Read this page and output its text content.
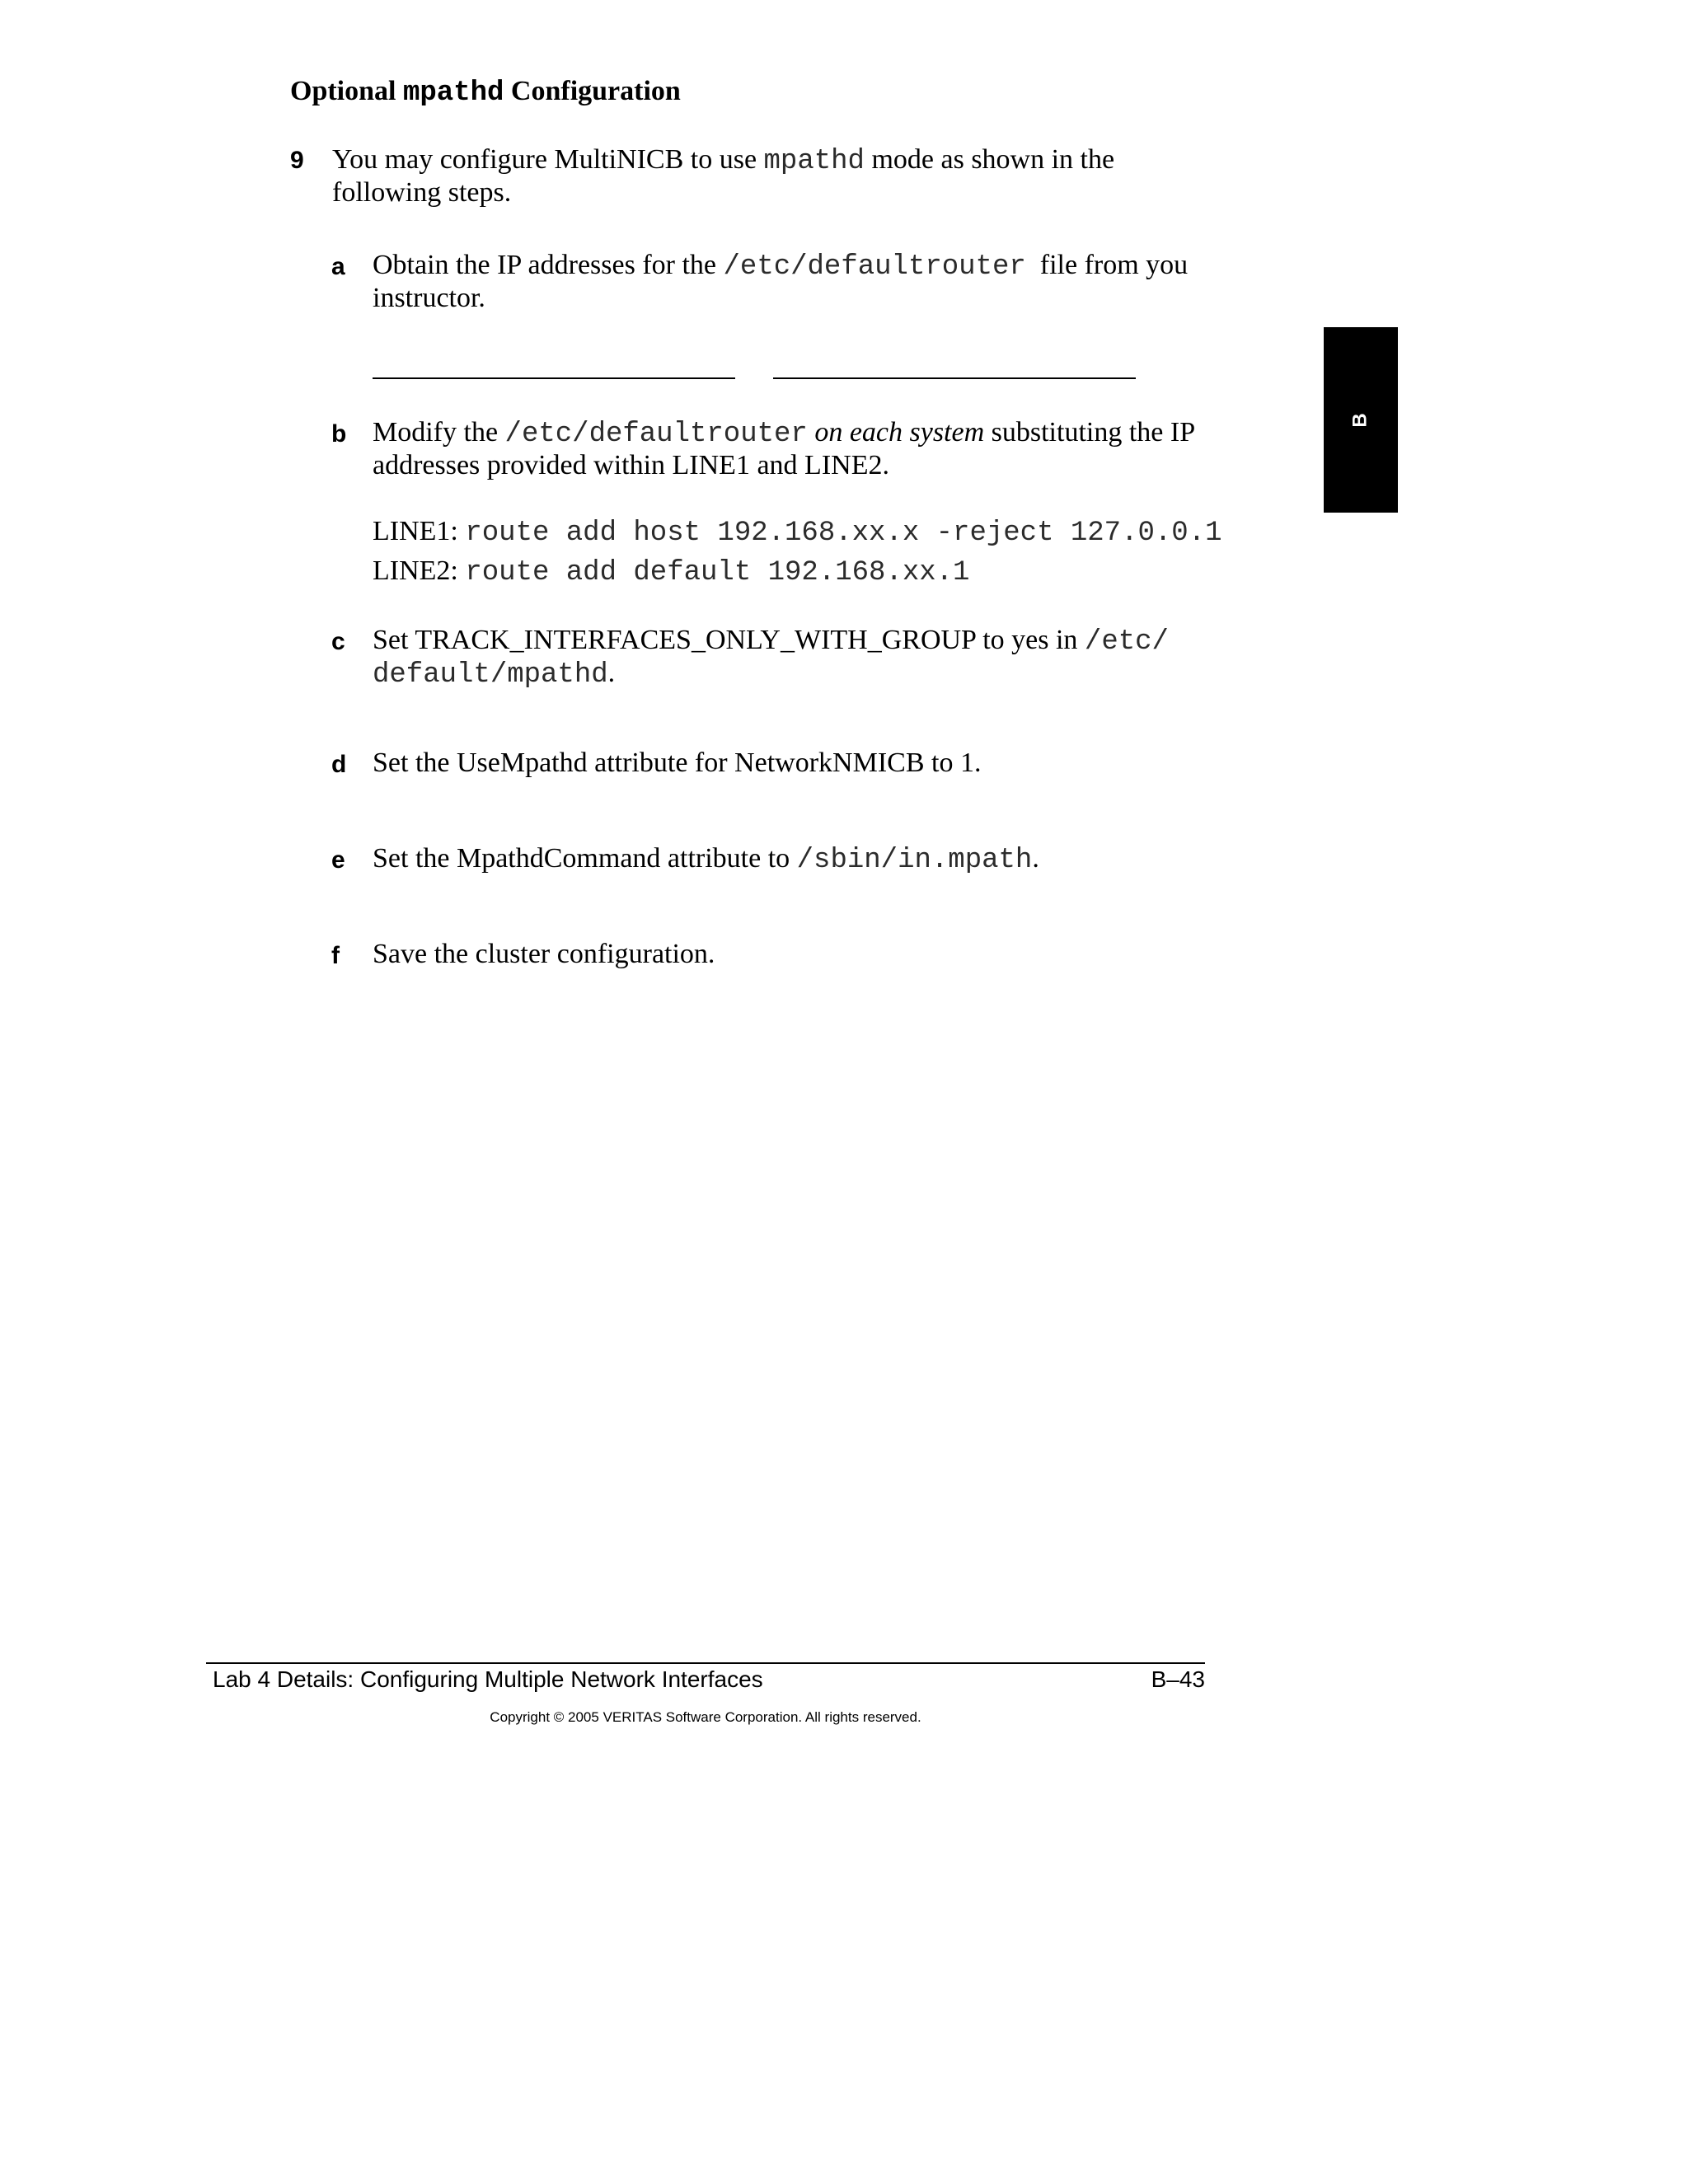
Optional mpathd Configuration
9 You may configure MultiNICB to use mpathd mode as shown in the
following steps.
a Obtain the IP addresses for the /etc/defaultrouter  file from you
instructor.
b Modify the /etc/defaultrouter on each system substituting the IP
addresses provided within LINE1 and LINE2.
LINE1: route add host 192.168.xx.x -reject 127.0.0.1
LINE2: route add default 192.168.xx.1
c Set TRACK_INTERFACES_ONLY_WITH_GROUP to yes in /etc/
default/mpathd.
d Set the UseMpathd attribute for NetworkNMICB to 1.
e Set the MpathdCommand attribute to /sbin/in.mpath.
f Save the cluster configuration.
B
Lab 4 Details: Configuring Multiple Network Interfaces	B–43
Copyright © 2005 VERITAS Software Corporation. All rights reserved.
